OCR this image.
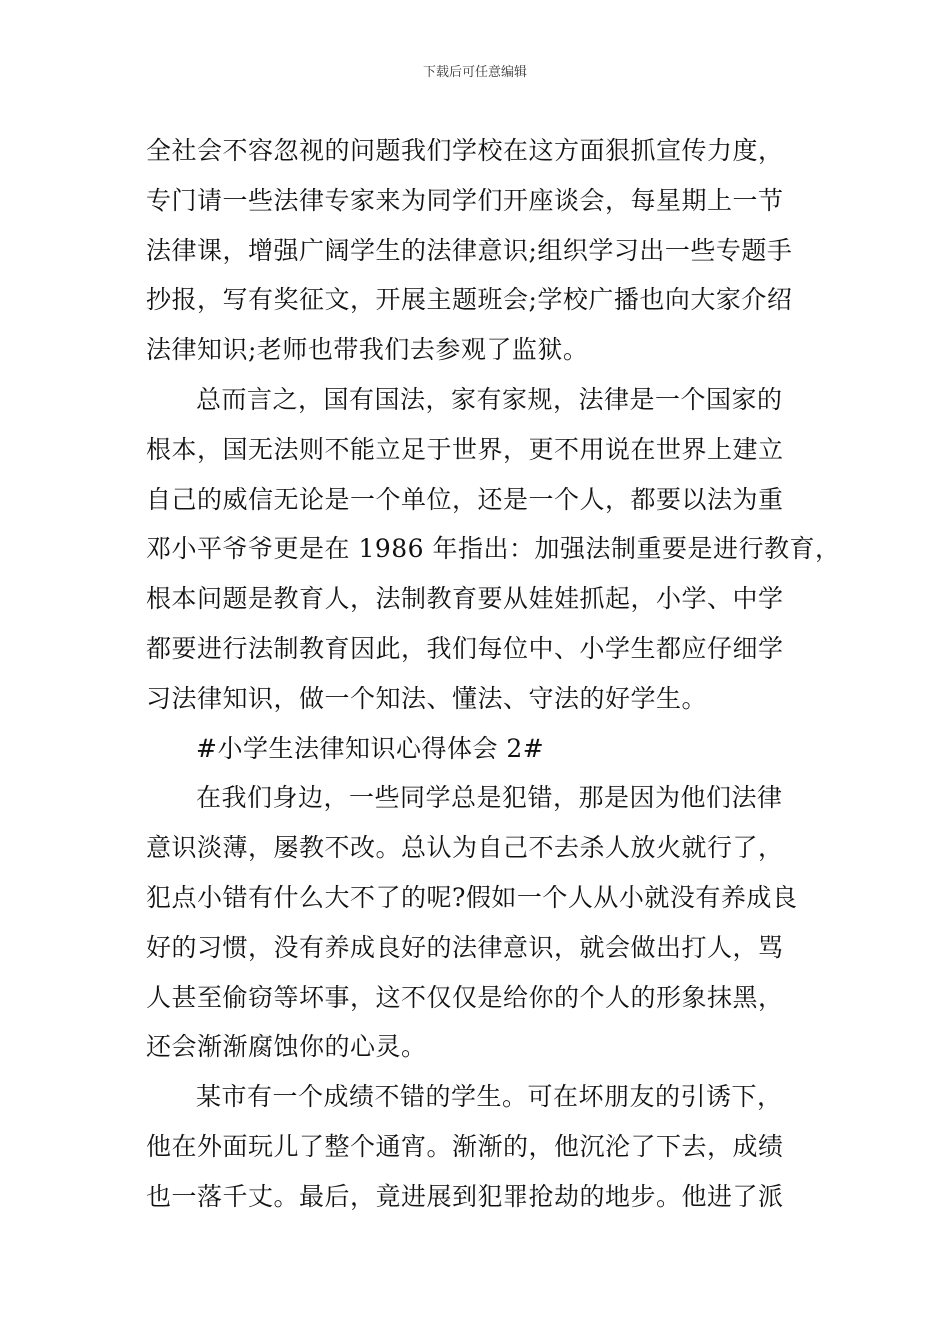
下载后可任意编辑
全社会不容忽视的问题我们学校在这方面狠抓宣传力度，
专门请一些法律专家来为同学们开座谈会，每星期上一节
法律课，增强广阔学生的法律意识;组织学习出一些专题手
抄报，写有奖征文，开展主题班会;学校广播也向大家介绍
法律知识;老师也带我们去参观了监狱。
总而言之，国有国法，家有家规，法律是一个国家的
根本，国无法则不能立足于世界，更不用说在世界上建立
自己的威信无论是一个单位，还是一个人，都要以法为重
邓小平爷爷更是在 1986 年指出：加强法制重要是进行教育，
根本问题是教育人，法制教育要从娃娃抓起，小学、中学
都要进行法制教育因此，我们每位中、小学生都应仔细学
习法律知识，做一个知法、懂法、守法的好学生。
#小学生法律知识心得体会 2#
在我们身边，一些同学总是犯错，那是因为他们法律
意识淡薄，屡教不改。总认为自己不去杀人放火就行了，
犯点小错有什么大不了的呢?假如一个人从小就没有养成良
好的习惯，没有养成良好的法律意识，就会做出打人，骂
人甚至偷窃等坏事，这不仅仅是给你的个人的形象抹黑，
还会渐渐腐蚀你的心灵。
某市有一个成绩不错的学生。可在坏朋友的引诱下，
他在外面玩儿了整个通宵。渐渐的，他沉沦了下去，成绩
也一落千丈。最后，竟进展到犯罪抢劫的地步。他进了派
